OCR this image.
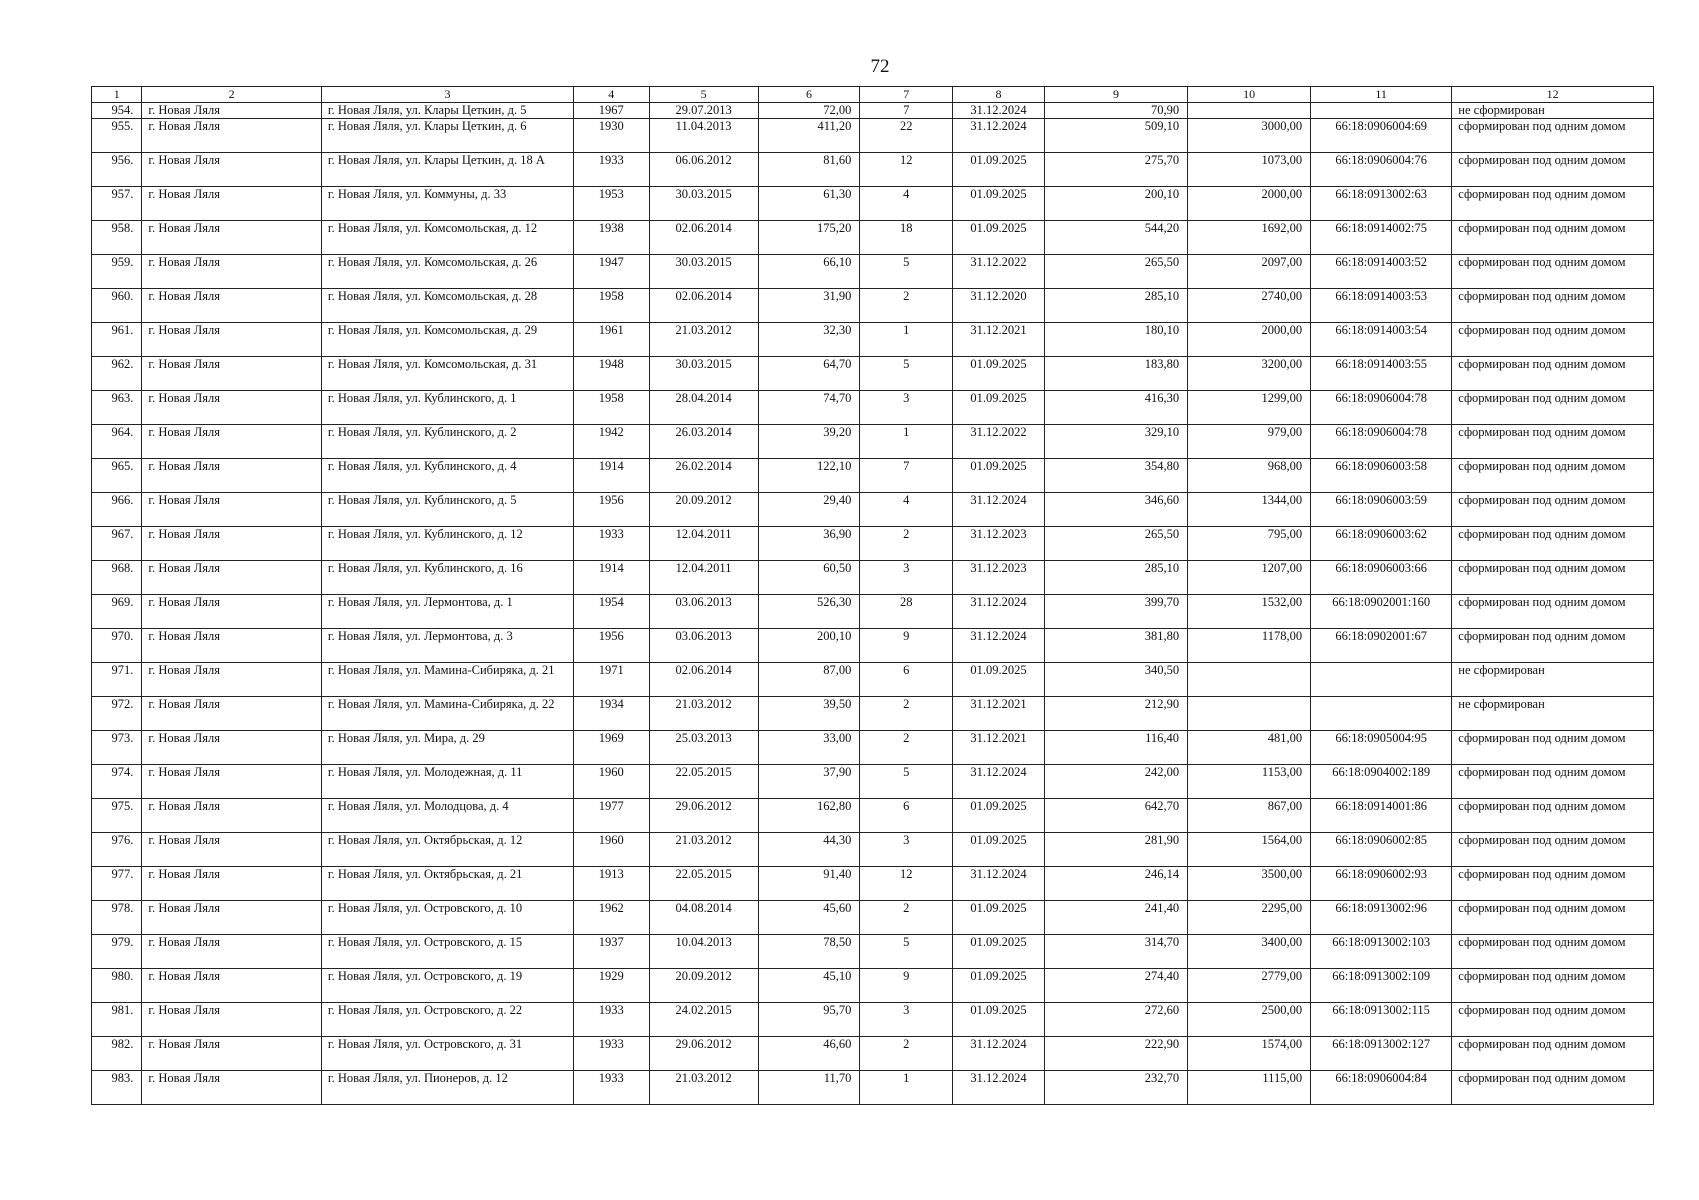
72
1	2	3	4	5	6	7	8	9	10	11	12
954.	г. Новая Ляля	г. Новая Ляля, ул. Клары Цеткин, д. 5	1967	29.07.2013	72,00	7	31.12.2024	70,90			не сформирован
955.	г. Новая Ляля	г. Новая Ляля, ул. Клары Цеткин, д. 6	1930	11.04.2013	411,20	22	31.12.2024	509,10	3000,00	66:18:0906004:69	сформирован под одним домом
956.	г. Новая Ляля	г. Новая Ляля, ул. Клары Цеткин, д. 18 А	1933	06.06.2012	81,60	12	01.09.2025	275,70	1073,00	66:18:0906004:76	сформирован под одним домом
957.	г. Новая Ляля	г. Новая Ляля, ул. Коммуны, д. 33	1953	30.03.2015	61,30	4	01.09.2025	200,10	2000,00	66:18:0913002:63	сформирован под одним домом
958.	г. Новая Ляля	г. Новая Ляля, ул. Комсомольская, д. 12	1938	02.06.2014	175,20	18	01.09.2025	544,20	1692,00	66:18:0914002:75	сформирован под одним домом
959.	г. Новая Ляля	г. Новая Ляля, ул. Комсомольская, д. 26	1947	30.03.2015	66,10	5	31.12.2022	265,50	2097,00	66:18:0914003:52	сформирован под одним домом
960.	г. Новая Ляля	г. Новая Ляля, ул. Комсомольская, д. 28	1958	02.06.2014	31,90	2	31.12.2020	285,10	2740,00	66:18:0914003:53	сформирован под одним домом
961.	г. Новая Ляля	г. Новая Ляля, ул. Комсомольская, д. 29	1961	21.03.2012	32,30	1	31.12.2021	180,10	2000,00	66:18:0914003:54	сформирован под одним домом
962.	г. Новая Ляля	г. Новая Ляля, ул. Комсомольская, д. 31	1948	30.03.2015	64,70	5	01.09.2025	183,80	3200,00	66:18:0914003:55	сформирован под одним домом
963.	г. Новая Ляля	г. Новая Ляля, ул. Кублинского, д. 1	1958	28.04.2014	74,70	3	01.09.2025	416,30	1299,00	66:18:0906004:78	сформирован под одним домом
964.	г. Новая Ляля	г. Новая Ляля, ул. Кублинского, д. 2	1942	26.03.2014	39,20	1	31.12.2022	329,10	979,00	66:18:0906004:78	сформирован под одним домом
965.	г. Новая Ляля	г. Новая Ляля, ул. Кублинского, д. 4	1914	26.02.2014	122,10	7	01.09.2025	354,80	968,00	66:18:0906003:58	сформирован под одним домом
966.	г. Новая Ляля	г. Новая Ляля, ул. Кублинского, д. 5	1956	20.09.2012	29,40	4	31.12.2024	346,60	1344,00	66:18:0906003:59	сформирован под одним домом
967.	г. Новая Ляля	г. Новая Ляля, ул. Кублинского, д. 12	1933	12.04.2011	36,90	2	31.12.2023	265,50	795,00	66:18:0906003:62	сформирован под одним домом
968.	г. Новая Ляля	г. Новая Ляля, ул. Кублинского, д. 16	1914	12.04.2011	60,50	3	31.12.2023	285,10	1207,00	66:18:0906003:66	сформирован под одним домом
969.	г. Новая Ляля	г. Новая Ляля, ул. Лермонтова, д. 1	1954	03.06.2013	526,30	28	31.12.2024	399,70	1532,00	66:18:0902001:160	сформирован под одним домом
970.	г. Новая Ляля	г. Новая Ляля, ул. Лермонтова, д. 3	1956	03.06.2013	200,10	9	31.12.2024	381,80	1178,00	66:18:0902001:67	сформирован под одним домом
971.	г. Новая Ляля	г. Новая Ляля, ул. Мамина-Сибиряка, д. 21	1971	02.06.2014	87,00	6	01.09.2025	340,50			не сформирован
972.	г. Новая Ляля	г. Новая Ляля, ул. Мамина-Сибиряка, д. 22	1934	21.03.2012	39,50	2	31.12.2021	212,90			не сформирован
973.	г. Новая Ляля	г. Новая Ляля, ул. Мира, д. 29	1969	25.03.2013	33,00	2	31.12.2021	116,40	481,00	66:18:0905004:95	сформирован под одним домом
974.	г. Новая Ляля	г. Новая Ляля, ул. Молодежная, д. 11	1960	22.05.2015	37,90	5	31.12.2024	242,00	1153,00	66:18:0904002:189	сформирован под одним домом
975.	г. Новая Ляля	г. Новая Ляля, ул. Молодцова, д. 4	1977	29.06.2012	162,80	6	01.09.2025	642,70	867,00	66:18:0914001:86	сформирован под одним домом
976.	г. Новая Ляля	г. Новая Ляля, ул. Октябрьская, д. 12	1960	21.03.2012	44,30	3	01.09.2025	281,90	1564,00	66:18:0906002:85	сформирован под одним домом
977.	г. Новая Ляля	г. Новая Ляля, ул. Октябрьская, д. 21	1913	22.05.2015	91,40	12	31.12.2024	246,14	3500,00	66:18:0906002:93	сформирован под одним домом
978.	г. Новая Ляля	г. Новая Ляля, ул. Островского, д. 10	1962	04.08.2014	45,60	2	01.09.2025	241,40	2295,00	66:18:0913002:96	сформирован под одним домом
979.	г. Новая Ляля	г. Новая Ляля, ул. Островского, д. 15	1937	10.04.2013	78,50	5	01.09.2025	314,70	3400,00	66:18:0913002:103	сформирован под одним домом
980.	г. Новая Ляля	г. Новая Ляля, ул. Островского, д. 19	1929	20.09.2012	45,10	9	01.09.2025	274,40	2779,00	66:18:0913002:109	сформирован под одним домом
981.	г. Новая Ляля	г. Новая Ляля, ул. Островского, д. 22	1933	24.02.2015	95,70	3	01.09.2025	272,60	2500,00	66:18:0913002:115	сформирован под одним домом
982.	г. Новая Ляля	г. Новая Ляля, ул. Островского, д. 31	1933	29.06.2012	46,60	2	31.12.2024	222,90	1574,00	66:18:0913002:127	сформирован под одним домом
983.	г. Новая Ляля	г. Новая Ляля, ул. Пионеров, д. 12	1933	21.03.2012	11,70	1	31.12.2024	232,70	1115,00	66:18:0906004:84	сформирован под одним домом
